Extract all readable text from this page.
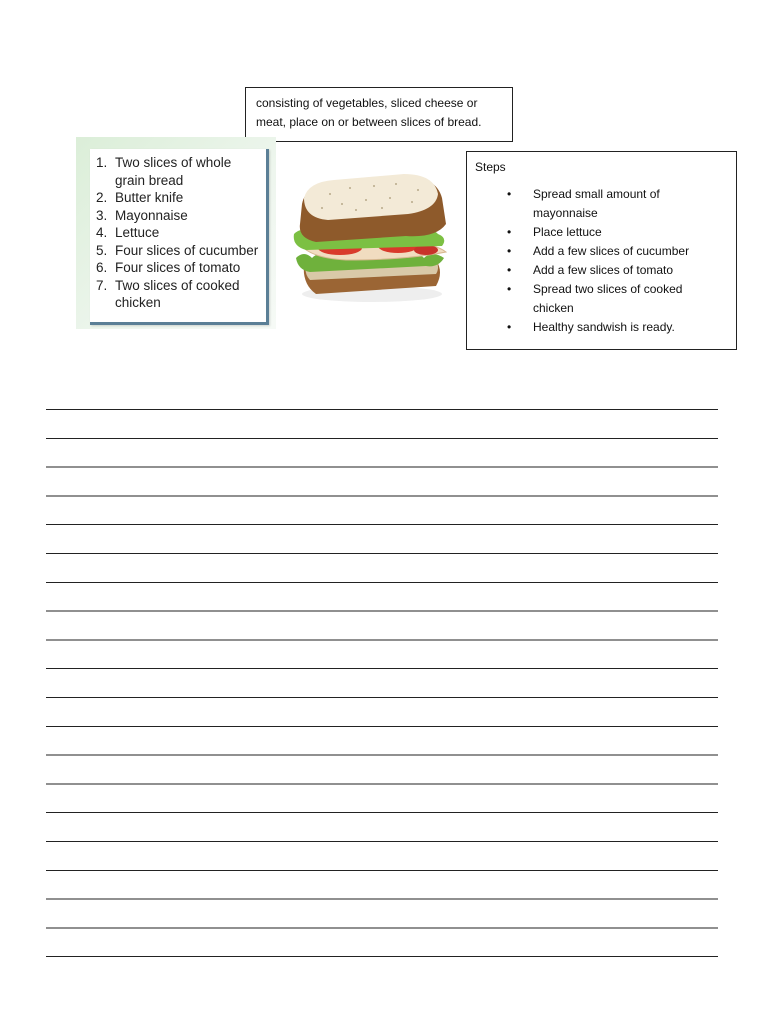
consisting of vegetables, sliced cheese or
meat, place on or between slices of bread.
1. Two slices of whole grain bread
2. Butter knife
3. Mayonnaise
4. Lettuce
5. Four slices of cucumber
6. Four slices of tomato
7. Two slices of cooked chicken
Steps
• Spread small amount of mayonnaise
• Place lettuce
• Add a few slices of cucumber
• Add a few slices of tomato
• Spread two slices of cooked chicken
• Healthy sandwish is ready.
